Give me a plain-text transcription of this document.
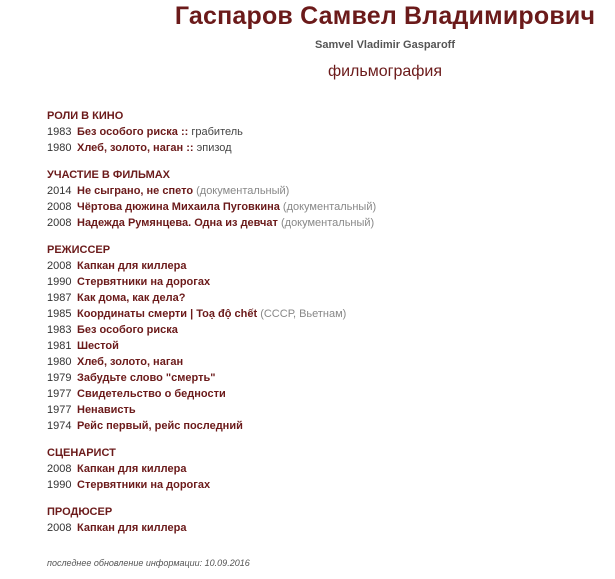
Гаспаров Самвел Владимирович
Samvel Vladimir Gasparoff
фильмография
РОЛИ В КИНО
1983 Без особого риска :: грабитель
1980 Хлеб, золото, наган :: эпизод
УЧАСТИЕ В ФИЛЬМАХ
2014 Не сыграно, не спето (документальный)
2008 Чёртова дюжина Михаила Пуговкина (документальный)
2008 Надежда Румянцева. Одна из девчат (документальный)
РЕЖИССЕР
2008 Капкан для киллера
1990 Стервятники на дорогах
1987 Как дома, как дела?
1985 Координаты смерти | Toạ độ chết (СССР, Вьетнам)
1983 Без особого риска
1981 Шестой
1980 Хлеб, золото, наган
1979 Забудьте слово "смерть"
1977 Свидетельство о бедности
1977 Ненависть
1974 Рейс первый, рейс последний
СЦЕНАРИСТ
2008 Капкан для киллера
1990 Стервятники на дорогах
ПРОДЮСЕР
2008 Капкан для киллера
последнее обновление информации: 10.09.2016
